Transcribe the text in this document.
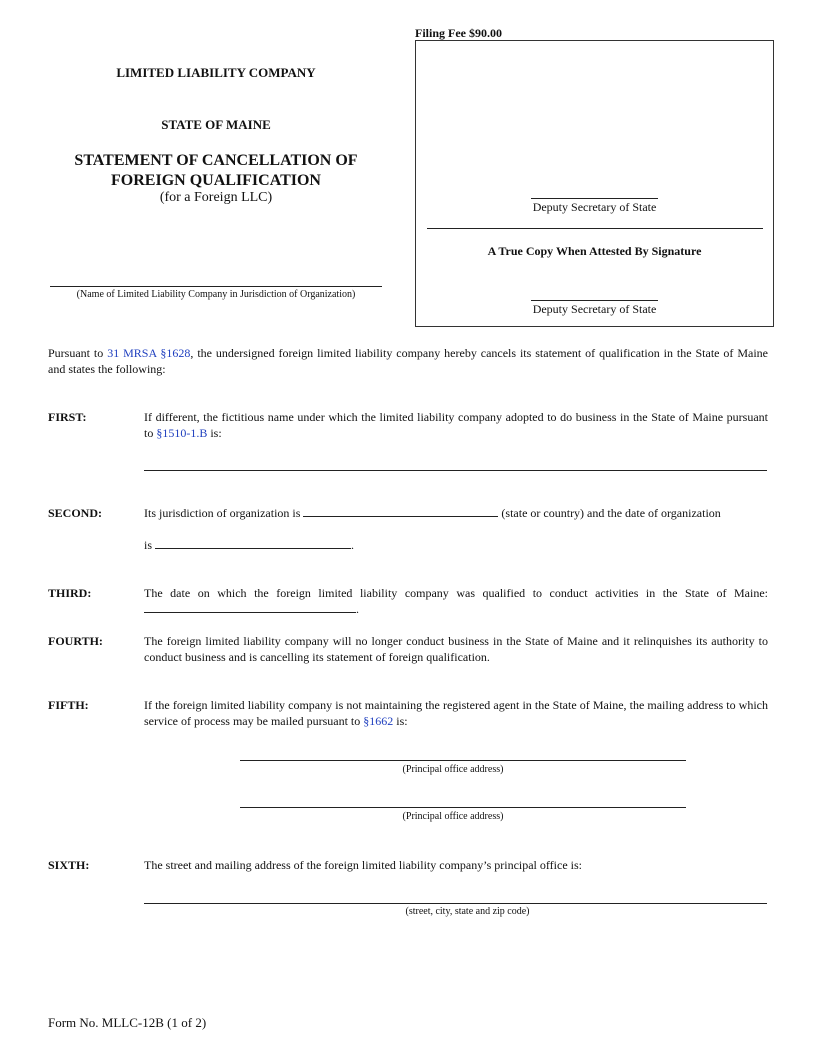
LIMITED LIABILITY COMPANY
STATE OF MAINE
STATEMENT OF CANCELLATION OF
FOREIGN QUALIFICATION
(for a Foreign LLC)
(Name of Limited Liability Company in Jurisdiction of Organization)
Filing Fee $90.00
Deputy Secretary of State
A True Copy When Attested By Signature
Deputy Secretary of State
Pursuant to 31 MRSA §1628, the undersigned foreign limited liability company hereby cancels its statement of qualification in the State of Maine and states the following:
FIRST:	If different, the fictitious name under which the limited liability company adopted to do business in the State of Maine pursuant to §1510-1.B is:
SECOND:	Its jurisdiction of organization is	(state or country) and the date of organization
is	.
THIRD:	The date on which the foreign limited liability company was qualified to conduct activities in the State of Maine:.
FOURTH:	The foreign limited liability company will no longer conduct business in the State of Maine and it relinquishes its authority to conduct business and is cancelling its statement of foreign qualification.
FIFTH:	If the foreign limited liability company is not maintaining the registered agent in the State of Maine, the mailing address to which service of process may be mailed pursuant to §1662 is:
(Principal office address)
(Principal office address)
SIXTH:	The street and mailing address of the foreign limited liability company’s principal office is:
(street, city, state and zip code)
Form No. MLLC-12B (1 of 2)
